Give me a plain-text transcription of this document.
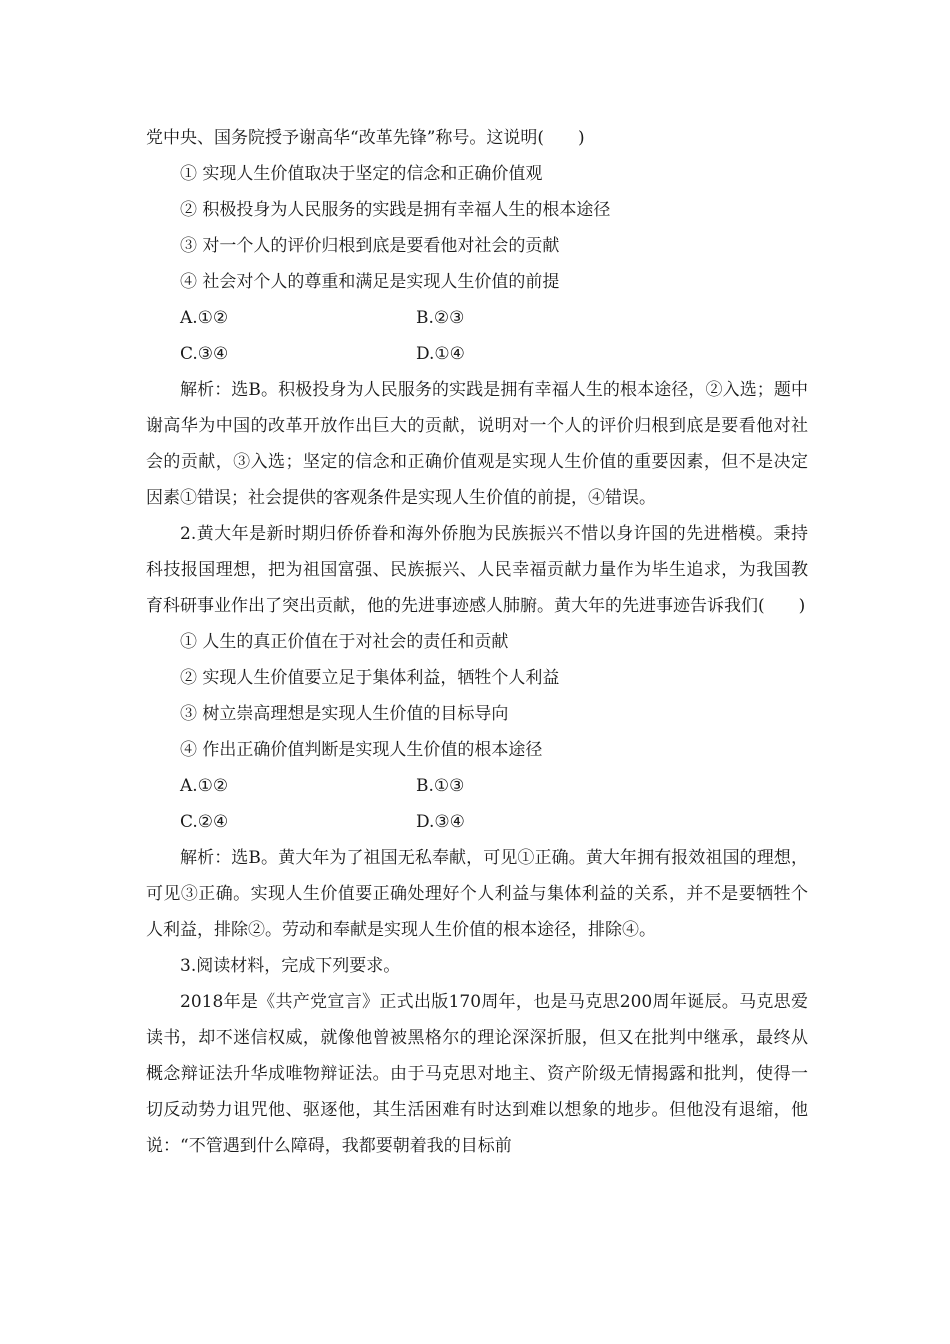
党中央、国务院授予谢高华“改革先锋”称号。这说明(　　)
① 实现人生价值取决于坚定的信念和正确价值观
② 积极投身为人民服务的实践是拥有幸福人生的根本途径
③ 对一个人的评价归根到底是要看他对社会的贡献
④ 社会对个人的尊重和满足是实现人生价值的前提
A.①②	B.②③
C.③④	D.①④
解析：选B。积极投身为人民服务的实践是拥有幸福人生的根本途径，②入选；题中谢高华为中国的改革开放作出巨大的贡献，说明对一个人的评价归根到底是要看他对社会的贡献，③入选；坚定的信念和正确价值观是实现人生价值的重要因素，但不是决定因素①错误；社会提供的客观条件是实现人生价值的前提，④错误。
2.黄大年是新时期归侨侨眷和海外侨胞为民族振兴不惜以身许国的先进楷模。秉持科技报国理想，把为祖国富强、民族振兴、人民幸福贡献力量作为毕生追求，为我国教育科研事业作出了突出贡献，他的先进事迹感人肺腑。黄大年的先进事迹告诉我们(　　)
① 人生的真正价值在于对社会的责任和贡献
② 实现人生价值要立足于集体利益，牺牲个人利益
③ 树立崇高理想是实现人生价值的目标导向
④ 作出正确价值判断是实现人生价值的根本途径
A.①②	B.①③
C.②④	D.③④
解析：选B。黄大年为了祖国无私奉献，可见①正确。黄大年拥有报效祖国的理想，可见③正确。实现人生价值要正确处理好个人利益与集体利益的关系，并不是要牺牲个人利益，排除②。劳动和奉献是实现人生价值的根本途径，排除④。
3.阅读材料，完成下列要求。
2018年是《共产党宣言》正式出版170周年，也是马克思200周年诞辰。马克思爱读书，却不迷信权威，就像他曾被黑格尔的理论深深折服，但又在批判中继承，最终从概念辩证法升华成唯物辩证法。由于马克思对地主、资产阶级无情揭露和批判，使得一切反动势力诅咒他、驱逐他，其生活困难有时达到难以想象的地步。但他没有退缩，他说：“不管遇到什么障碍，我都要朝着我的目标前
